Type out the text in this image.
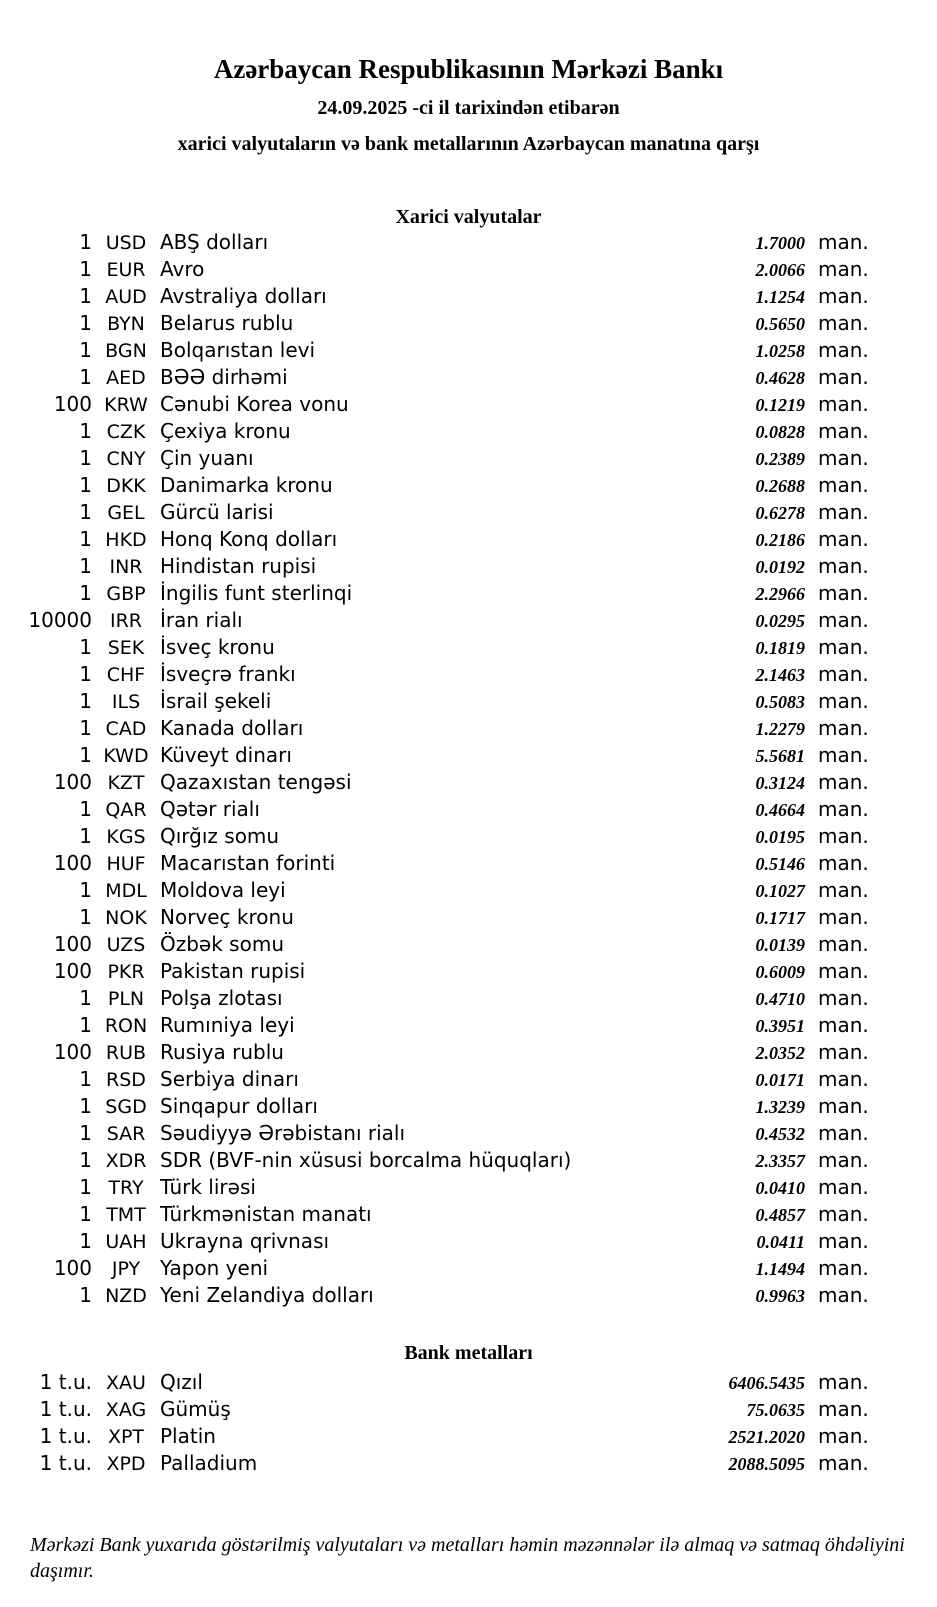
Azərbaycan Respublikasının Mərkəzi Bankı
24.09.2025 -ci il tarixindən etibarən
xarici valyutaların və bank metallarının Azərbaycan manatına qarşı
Xarici valyutalar
1 USD ABŞ dolları	1.7000 man.
1 EUR Avro	2.0066 man.
1 AUD Avstraliya dolları	1.1254 man.
1 BYN Belarus rublu	0.5650 man.
1 BGN Bolqarıstan levi	1.0258 man.
1 AED BƏƏ dirhəmi	0.4628 man.
100 KRW Cənubi Korea vonu	0.1219 man.
1 CZK Çexiya kronu	0.0828 man.
1 CNY Çin yuanı	0.2389 man.
1 DKK Danimarka kronu	0.2688 man.
1 GEL Gürcü larisi	0.6278 man.
1 HKD Honq Konq dolları	0.2186 man.
1 INR Hindistan rupisi	0.0192 man.
1 GBP İngilis funt sterlinqi	2.2966 man.
10000 IRR İran rialı	0.0295 man.
1 SEK İsveç kronu	0.1819 man.
1 CHF İsveçrə frankı	2.1463 man.
1	ILS İsrail şekeli	0.5083 man.
1 CAD Kanada dolları	1.2279 man.
1 KWD Küveyt dinarı	5.5681 man.
100 KZT Qazaxıstan tengəsi	0.3124 man.
1 QAR Qətər rialı	0.4664 man.
1 KGS Qırğız somu	0.0195 man.
100 HUF Macarıstan forinti	0.5146 man.
1 MDL Moldova leyi	0.1027 man.
1 NOK Norveç kronu	0.1717 man.
100 UZS Özbək somu	0.0139 man.
100 PKR Pakistan rupisi	0.6009 man.
1 PLN Polşa zlotası	0.4710 man.
1 RON Rumıniya leyi	0.3951 man.
100 RUB Rusiya rublu	2.0352 man.
1 RSD Serbiya dinarı	0.0171 man.
1 SGD Sinqapur dolları	1.3239 man.
1 SAR Səudiyyə Ərəbistanı rialı	0.4532 man.
1 XDR SDR (BVF-nin xüsusi borcalma hüquqları)	2.3357 man.
1 TRY Türk lirəsi	0.0410 man.
1 TMT Türkmənistan manatı	0.4857 man.
1 UAH Ukrayna qrivnası	0.0411 man.
100	JPY Yapon yeni	1.1494 man.
1 NZD Yeni Zelandiya dolları	0.9963 man.
Bank metalları
1 t.u. XAU Qızıl	6406.5435 man.
1 t.u. XAG Gümüş	75.0635 man.
1 t.u. XPT Platin	2521.2020 man.
1 t.u. XPD Palladium	2088.5095 man.
Mərkəzi Bank yuxarıda göstərilmiş valyutaları və metalları həmin məzənnələr ilə almaq və satmaq öhdəliyini daşımır.
